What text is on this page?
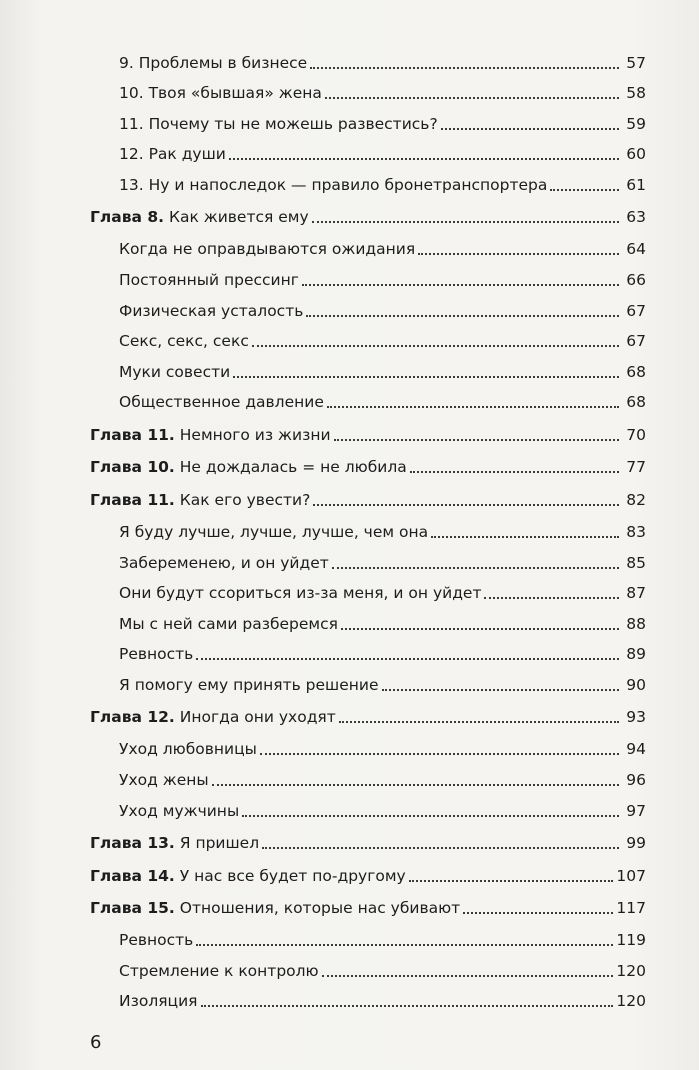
9. Проблемы в бизнесе	57
10. Твоя «бывшая» жена	58
11. Почему ты не можешь развестись?	59
12. Рак души	60
13. Ну и напоследок — правило бронетранспортера	61
Глава 8. Как живется ему	63
Когда не оправдываются ожидания	64
Постоянный прессинг	66
Физическая усталость	67
Секс, секс, секс	67
Муки совести	68
Общественное давление	68
Глава 11. Немного из жизни	70
Глава 10. Не дождалась = не любила	77
Глава 11. Как его увести?	82
Я буду лучше, лучше, лучше, чем она	83
Забеременею, и он уйдет	85
Они будут ссориться из-за меня, и он уйдет	87
Мы с ней сами разберемся	88
Ревность	89
Я помогу ему принять решение	90
Глава 12. Иногда они уходят	93
Уход любовницы	94
Уход жены	96
Уход мужчины	97
Глава 13. Я пришел	99
Глава 14. У нас все будет по-другому	107
Глава 15. Отношения, которые нас убивают	117
Ревность	119
Стремление к контролю	120
Изоляция	120
6
